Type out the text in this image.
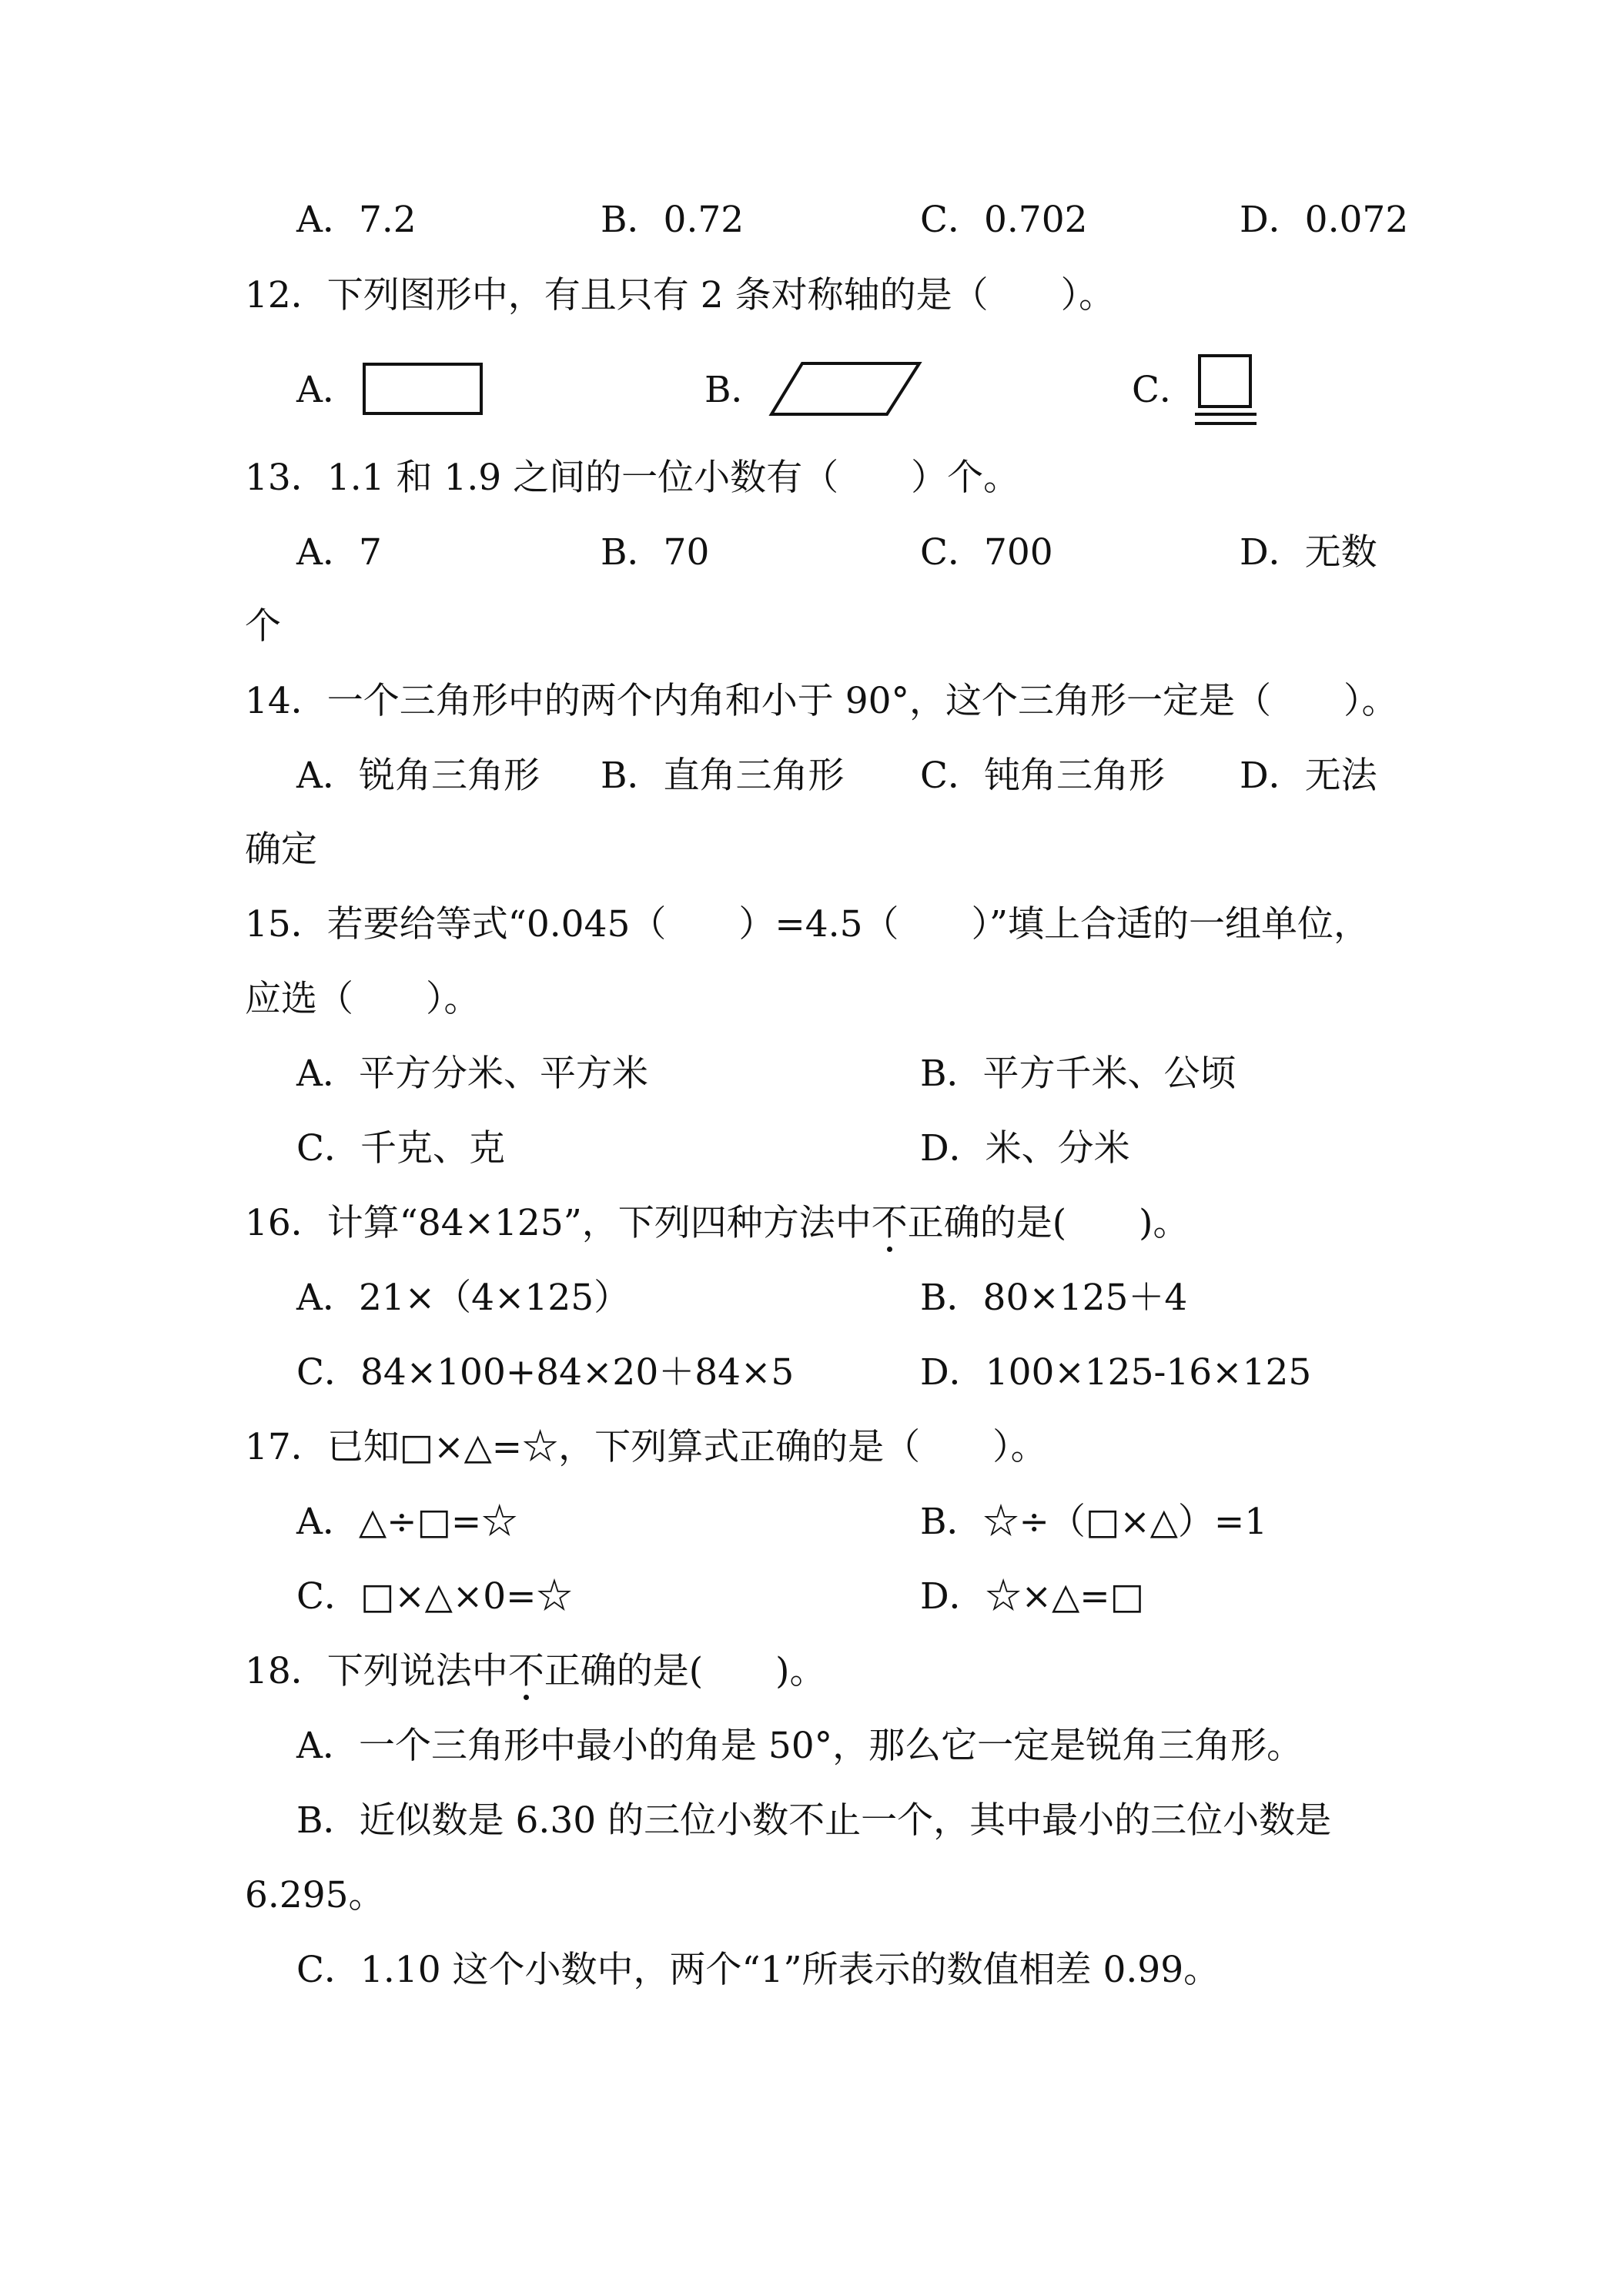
A．7.2	B．0.72	C．0.702	D．0.072
12．下列图形中，有且只有 2 条对称轴的是（　　）。
A．	B．	C．
13．1.1 和 1.9 之间的一位小数有（　　）个。
A．7	B．70	C．700	D．无数
个
14．一个三角形中的两个内角和小于 90°，这个三角形一定是（　　）。
A．锐角三角形 B．直角三角形 C．钝角三角形 D．无法
确定
15．若要给等式“0.045（　　）=4.5（　　）”填上合适的一组单位，
应选（　　）。
A．平方分米、平方米	B．平方千米、公顷
C．千克、克	D．米、分米
16．计算“84×125”，下列四种方法中不正确的是(　　)。
A．21×（4×125）	B．80×125＋4
C．84×100+84×20＋84×5	D．100×125-16×125
17．已知□×△=☆，下列算式正确的是（　　）。
A．△÷□=☆	B．☆÷（□×△）=1
C．□×△×0=☆	D．☆×△=□
18．下列说法中不正确的是(　　)。
A．一个三角形中最小的角是 50°，那么它一定是锐角三角形。
B．近似数是 6.30 的三位小数不止一个，其中最小的三位小数是
6.295。
C．1.10 这个小数中，两个“1”所表示的数值相差 0.99。
